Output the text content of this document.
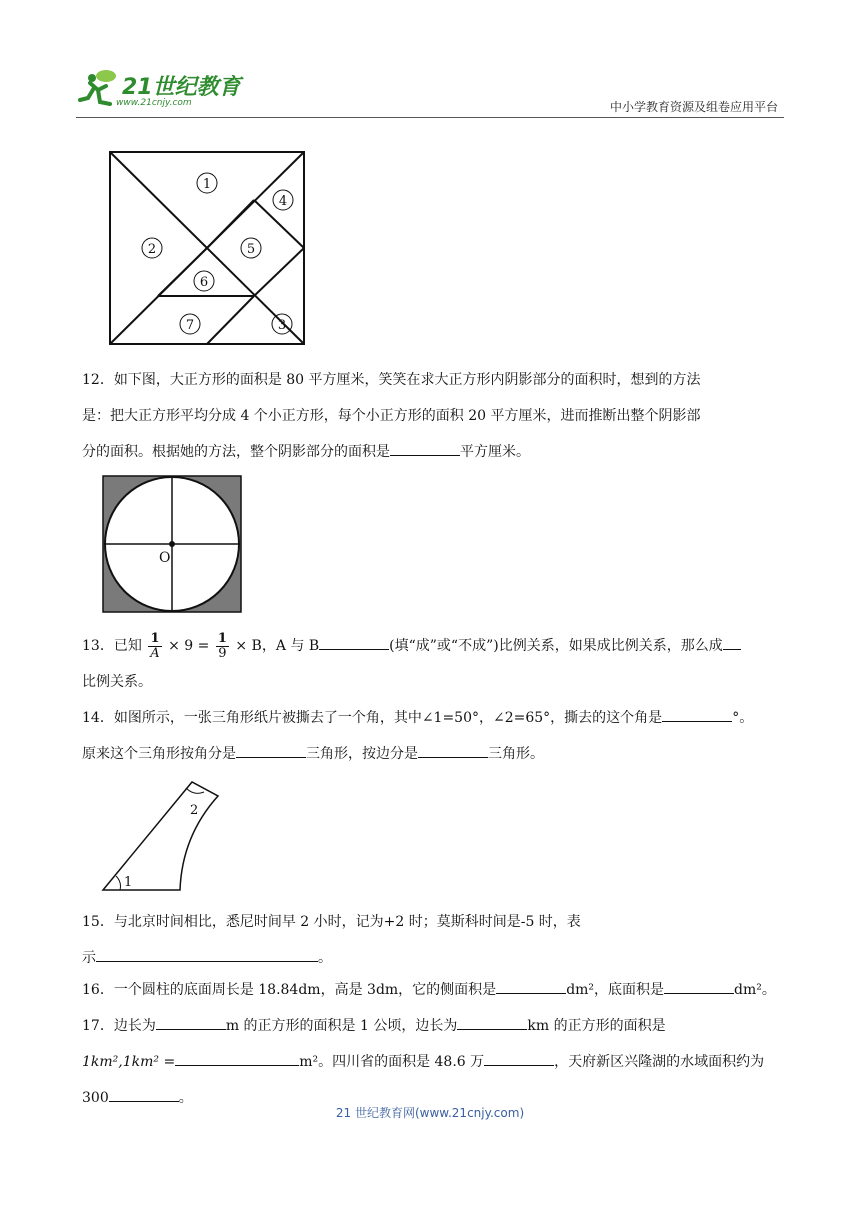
21世纪教育
www.21cnjy.com	中小学教育资源及组卷应用平台
1
2
3
4
5
6
7
12．如下图，大正方形的面积是 80 平方厘米，笑笑在求大正方形内阴影部分的面积时，想到的方法
是：把大正方形平均分成 4 个小正方形，每个小正方形的面积 20 平方厘米，进而推断出整个阴影部
分的面积。根据她的方法，整个阴影部分的面积是	平方厘米。
O
13．已知 $\frac{1}{A} \times 9 = \frac{1}{9} \times B$，A 与 B	(填“成”或“不成”)比例关系，如果成比例关系，那么成
比例关系。
14．如图所示，一张三角形纸片被撕去了一个角，其中∠1=50°，∠2=65°，撕去的这个角是	°。
原来这个三角形按角分是	三角形，按边分是	三角形。
1
2
15．与北京时间相比，悉尼时间早 2 小时，记为+2 时；莫斯科时间是-5 时，表
示	。
16．一个圆柱的底面周长是 18.84dm，高是 3dm，它的侧面积是	dm²，底面积是	dm²。
17．边长为	m 的正方形的面积是 1 公顷，边长为	km 的正方形的面积是
1km²,1km² =	m²。四川省的面积是 48.6 万	，天府新区兴隆湖的水域面积约为
300	。
21 世纪教育网(www.21cnjy.com)
